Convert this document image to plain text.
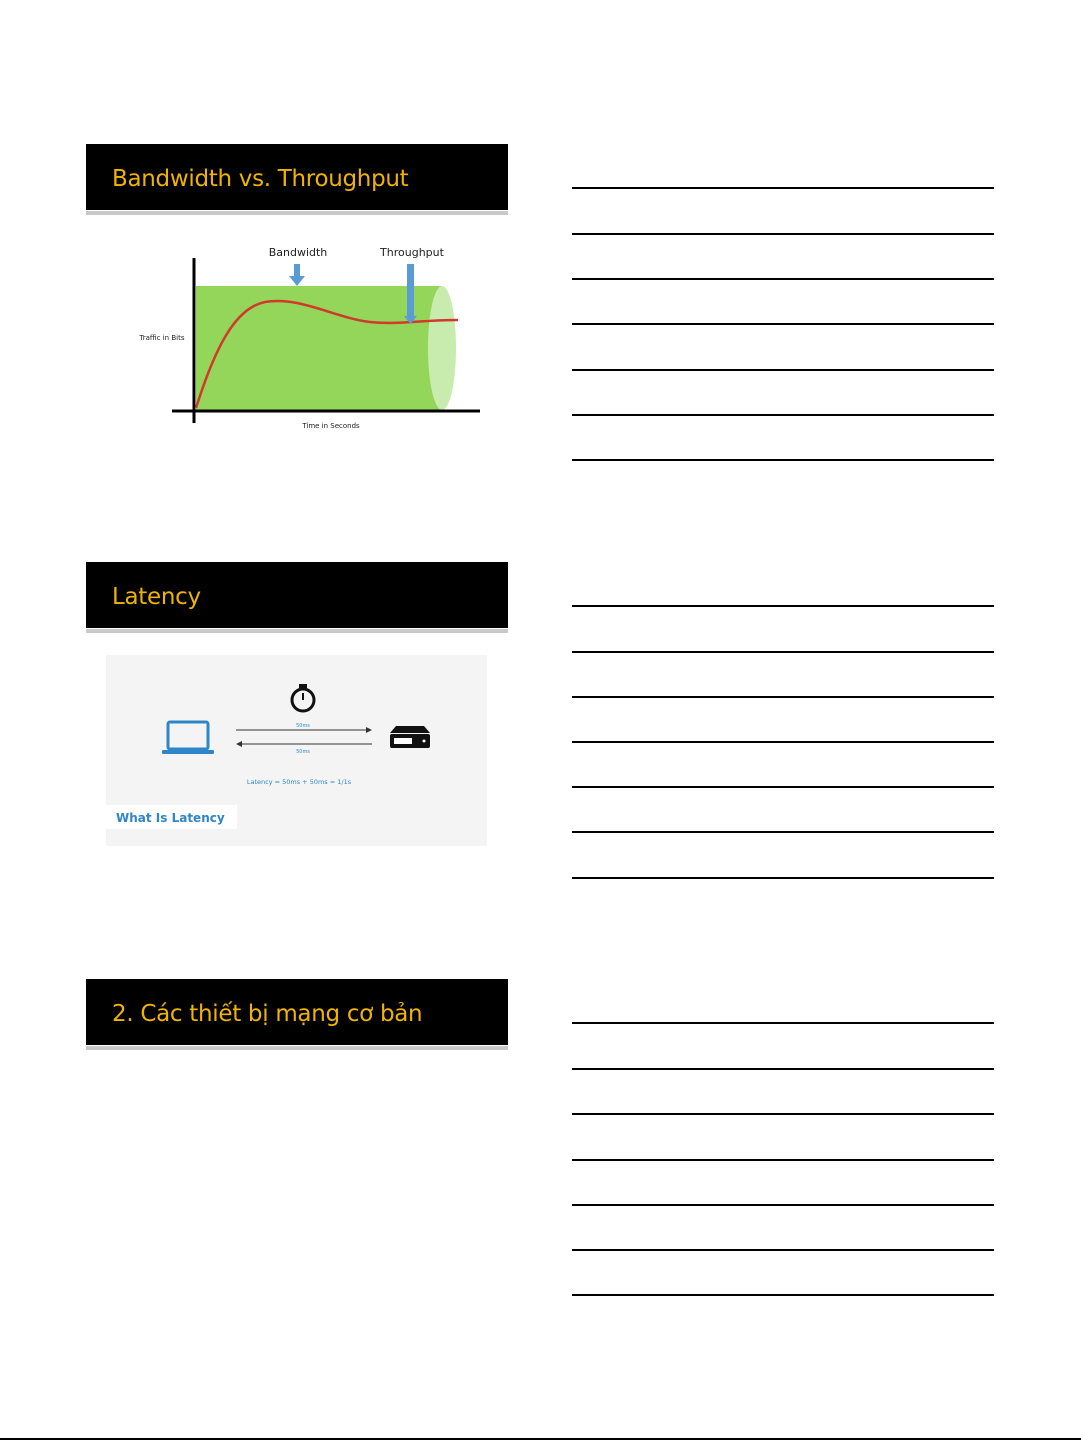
Bandwidth vs. Throughput
Bandwidth	Throughput
Traffic in Bits
Time in Seconds
Latency
50ms
50ms
Latency = 50ms + 50ms = 1/1s
What Is Latency
2. Các thiết bị mạng cơ bản
